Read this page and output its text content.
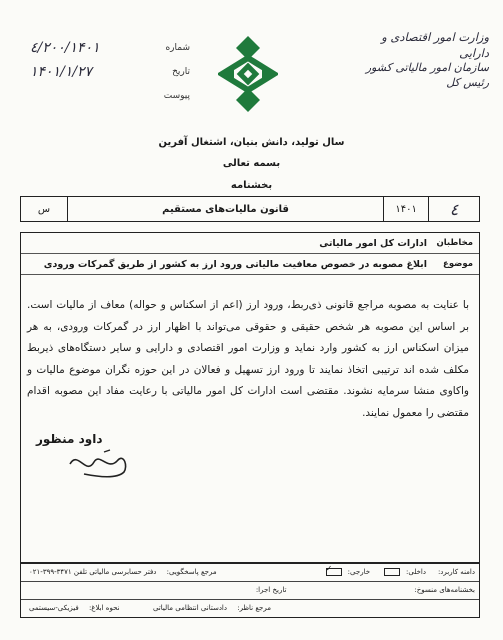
وزارت امور اقتصادی و دارایی
سازمان امور مالیاتی کشور
رئیس کل
شماره
۲۰۰/۱۴۰۱/٤
تاریخ
۱۴۰۱/۱/۲۷
پیوست
سال تولید، دانش بنیان، اشتغال آفرین
بسمه تعالی
بخشنامه
٤
۱۴۰۱
قانون مالیات‌های مستقیم
س
مخاطبان
ادارات کل امور مالیاتی
موضوع
ابلاغ مصوبه در خصوص معافیت مالیاتی ورود ارز به کشور از طریق گمرکات ورودی
با عنایت به مصوبه مراجع قانونی ذی‌ربط، ورود ارز (اعم از اسکناس و حواله) معاف از مالیات است. بر اساس این مصوبه هر شخص حقیقی و حقوقی می‌تواند با اظهار ارز در گمرکات ورودی، به هر میزان اسکناس ارز به کشور وارد نماید و وزارت امور اقتصادی و دارایی و سایر دستگاه‌های ذیربط مکلف شده اند ترتیبی اتخاذ نمایند تا ورود ارز تسهیل و فعالان در این حوزه نگران موضوع مالیات و واکاوی منشا سرمایه نشوند. مقتضی است ادارات کل امور مالیاتی با رعایت مفاد این مصوبه اقدام مقتضی را معمول نمایند.
داود منظور
دامنه کاربرد:
داخلی:
خارجی:✓
مرجع پاسخگویی: دفتر حسابرسی مالیاتی تلفن ۳۴۷۱-۳۹۹-۰۲۱
بخشنامه‌های منسوخ:
تاریخ اجرا:
مرجع ناظر: دادستانی انتظامی مالیاتی
نحوه ابلاغ: فیزیکی-سیستمی
